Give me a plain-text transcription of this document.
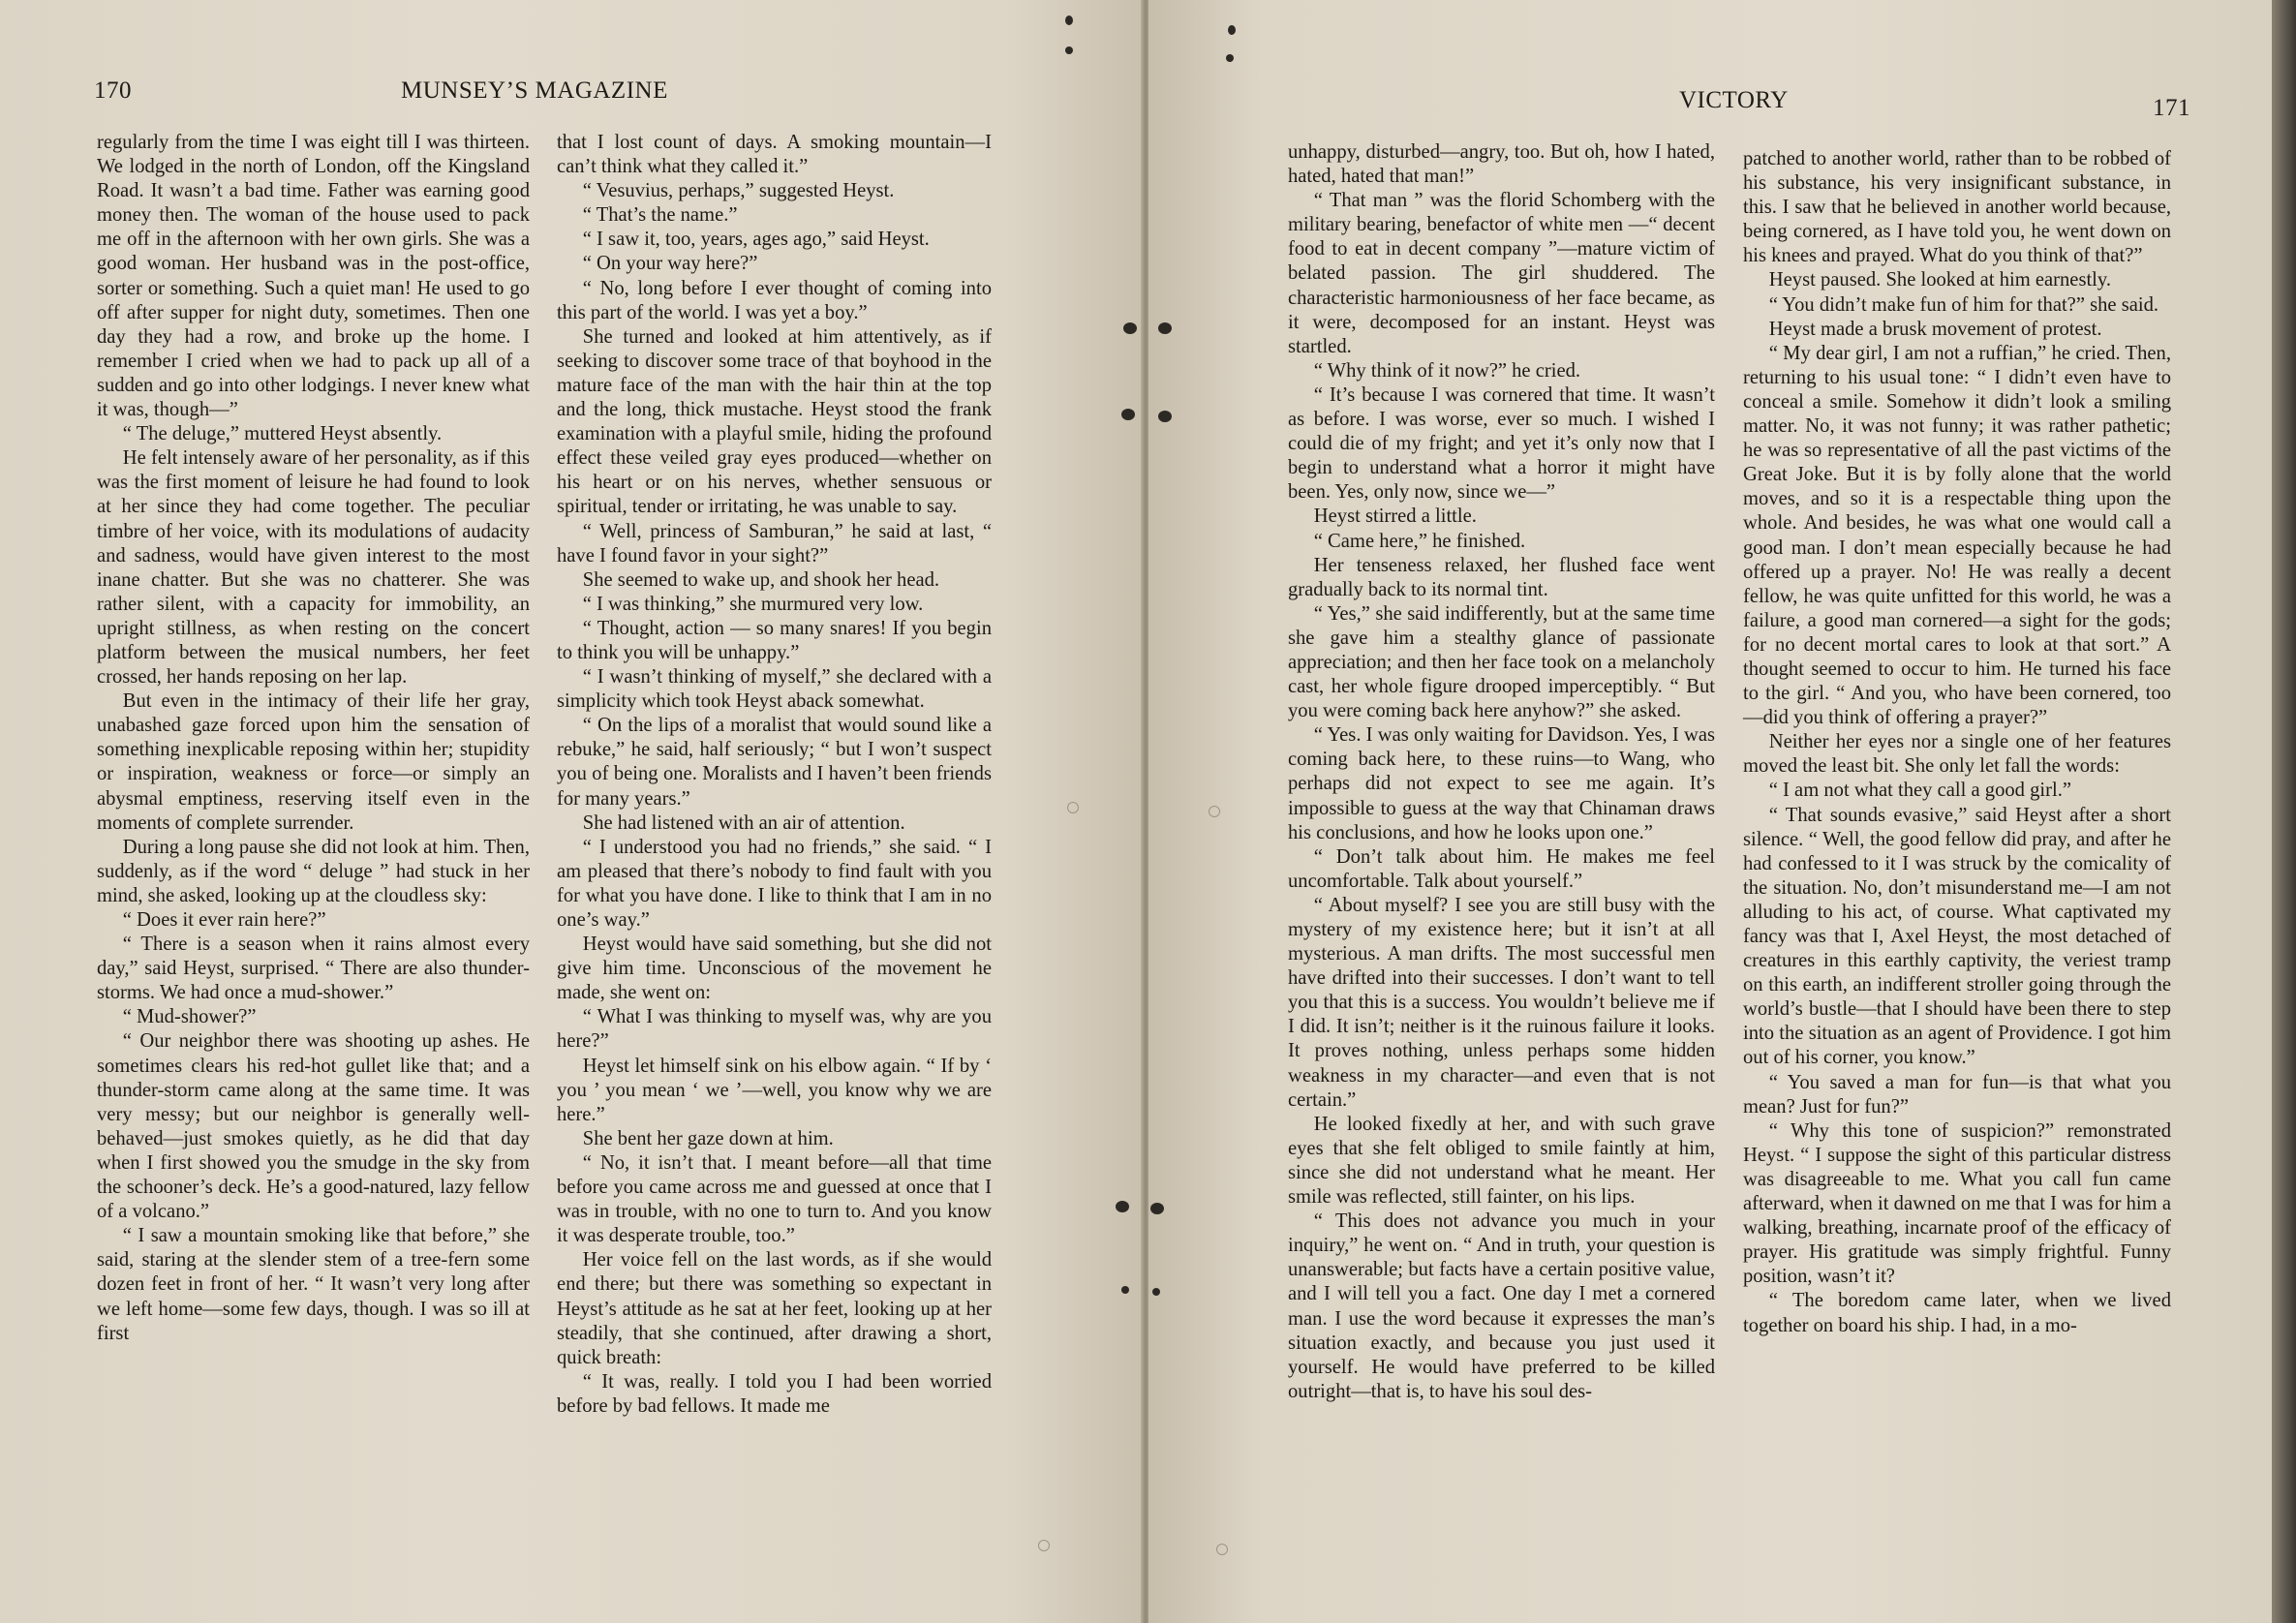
170	MUNSEY’S MAGAZINE

regularly from the time I was eight till I was thirteen. We lodged in the north of London, off the Kingsland Road. It wasn’t a bad time. Father was earning good money then. The woman of the house used to pack me off in the afternoon with her own girls. She was a good woman. Her husband was in the post-office, sorter or something. Such a quiet man! He used to go off after supper for night duty, sometimes. Then one day they had a row, and broke up the home. I remember I cried when we had to pack up all of a sudden and go into other lodgings. I never knew what it was, though—”

“ The deluge,” muttered Heyst absently.

He felt intensely aware of her personality, as if this was the first moment of leisure he had found to look at her since they had come together. The peculiar timbre of her voice, with its modulations of audacity and sadness, would have given interest to the most inane chatter. But she was no chatterer. She was rather silent, with a capacity for immobility, an upright stillness, as when resting on the concert platform between the musical numbers, her feet crossed, her hands reposing on her lap.

But even in the intimacy of their life her gray, unabashed gaze forced upon him the sensation of something inexplicable reposing within her; stupidity or inspiration, weakness or force—or simply an abysmal emptiness, reserving itself even in the moments of complete surrender.

During a long pause she did not look at him. Then, suddenly, as if the word “ deluge ” had stuck in her mind, she asked, looking up at the cloudless sky:

“ Does it ever rain here?”

“ There is a season when it rains almost every day,” said Heyst, surprised. “ There are also thunder-storms. We had once a mud-shower.”

“ Mud-shower?”

“ Our neighbor there was shooting up ashes. He sometimes clears his red-hot gullet like that; and a thunder-storm came along at the same time. It was very messy; but our neighbor is generally well-behaved—just smokes quietly, as he did that day when I first showed you the smudge in the sky from the schooner’s deck. He’s a good-natured, lazy fellow of a volcano.”

“ I saw a mountain smoking like that before,” she said, staring at the slender stem of a tree-fern some dozen feet in front of her. “ It wasn’t very long after we left home—some few days, though. I was so ill at first

that I lost count of days. A smoking mountain—I can’t think what they called it.”

“ Vesuvius, perhaps,” suggested Heyst.

“ That’s the name.”

“ I saw it, too, years, ages ago,” said Heyst.

“ On your way here?”

“ No, long before I ever thought of coming into this part of the world. I was yet a boy.”

She turned and looked at him attentively, as if seeking to discover some trace of that boyhood in the mature face of the man with the hair thin at the top and the long, thick mustache. Heyst stood the frank examination with a playful smile, hiding the profound effect these veiled gray eyes produced—whether on his heart or on his nerves, whether sensuous or spiritual, tender or irritating, he was unable to say.

“ Well, princess of Samburan,” he said at last, “ have I found favor in your sight?”

She seemed to wake up, and shook her head.

“ I was thinking,” she murmured very low.

“ Thought, action — so many snares! If you begin to think you will be unhappy.”

“ I wasn’t thinking of myself,” she declared with a simplicity which took Heyst aback somewhat.

“ On the lips of a moralist that would sound like a rebuke,” he said, half seriously; “ but I won’t suspect you of being one. Moralists and I haven’t been friends for many years.”

She had listened with an air of attention.

“ I understood you had no friends,” she said. “ I am pleased that there’s nobody to find fault with you for what you have done. I like to think that I am in no one’s way.”

Heyst would have said something, but she did not give him time. Unconscious of the movement he made, she went on:

“ What I was thinking to myself was, why are you here?”

Heyst let himself sink on his elbow again. “ If by ‘ you ’ you mean ‘ we ’—well, you know why we are here.”

She bent her gaze down at him.

“ No, it isn’t that. I meant before—all that time before you came across me and guessed at once that I was in trouble, with no one to turn to. And you know it was desperate trouble, too.”

Her voice fell on the last words, as if she would end there; but there was something so expectant in Heyst’s attitude as he sat at her feet, looking up at her steadily, that she continued, after drawing a short, quick breath:

“ It was, really. I told you I had been worried before by bad fellows. It made me

VICTORY	171

unhappy, disturbed—angry, too. But oh, how I hated, hated, hated that man!”

“ That man ” was the florid Schomberg with the military bearing, benefactor of white men —“ decent food to eat in decent company ”—mature victim of belated passion. The girl shuddered. The characteristic harmoniousness of her face became, as it were, decomposed for an instant. Heyst was startled.

“ Why think of it now?” he cried.

“ It’s because I was cornered that time. It wasn’t as before. I was worse, ever so much. I wished I could die of my fright; and yet it’s only now that I begin to understand what a horror it might have been. Yes, only now, since we—”

Heyst stirred a little.

“ Came here,” he finished.

Her tenseness relaxed, her flushed face went gradually back to its normal tint.

“ Yes,” she said indifferently, but at the same time she gave him a stealthy glance of passionate appreciation; and then her face took on a melancholy cast, her whole figure drooped imperceptibly. “ But you were coming back here anyhow?” she asked.

“ Yes. I was only waiting for Davidson. Yes, I was coming back here, to these ruins—to Wang, who perhaps did not expect to see me again. It’s impossible to guess at the way that Chinaman draws his conclusions, and how he looks upon one.”

“ Don’t talk about him. He makes me feel uncomfortable. Talk about yourself.”

“ About myself? I see you are still busy with the mystery of my existence here; but it isn’t at all mysterious. A man drifts. The most successful men have drifted into their successes. I don’t want to tell you that this is a success. You wouldn’t believe me if I did. It isn’t; neither is it the ruinous failure it looks. It proves nothing, unless perhaps some hidden weakness in my character—and even that is not certain.”

He looked fixedly at her, and with such grave eyes that she felt obliged to smile faintly at him, since she did not understand what he meant. Her smile was reflected, still fainter, on his lips.

“ This does not advance you much in your inquiry,” he went on. “ And in truth, your question is unanswerable; but facts have a certain positive value, and I will tell you a fact. One day I met a cornered man. I use the word because it expresses the man’s situation exactly, and because you just used it yourself. He would have preferred to be killed outright—that is, to have his soul des-

patched to another world, rather than to be robbed of his substance, his very insignificant substance, in this. I saw that he believed in another world because, being cornered, as I have told you, he went down on his knees and prayed. What do you think of that?”

Heyst paused. She looked at him earnestly.

“ You didn’t make fun of him for that?” she said.

Heyst made a brusk movement of protest.

“ My dear girl, I am not a ruffian,” he cried. Then, returning to his usual tone: “ I didn’t even have to conceal a smile. Somehow it didn’t look a smiling matter. No, it was not funny; it was rather pathetic; he was so representative of all the past victims of the Great Joke. But it is by folly alone that the world moves, and so it is a respectable thing upon the whole. And besides, he was what one would call a good man. I don’t mean especially because he had offered up a prayer. No! He was really a decent fellow, he was quite unfitted for this world, he was a failure, a good man cornered—a sight for the gods; for no decent mortal cares to look at that sort.” A thought seemed to occur to him. He turned his face to the girl. “ And you, who have been cornered, too—did you think of offering a prayer?”

Neither her eyes nor a single one of her features moved the least bit. She only let fall the words:

“ I am not what they call a good girl.”

“ That sounds evasive,” said Heyst after a short silence. “ Well, the good fellow did pray, and after he had confessed to it I was struck by the comicality of the situation. No, don’t misunderstand me—I am not alluding to his act, of course. What captivated my fancy was that I, Axel Heyst, the most detached of creatures in this earthly captivity, the veriest tramp on this earth, an indifferent stroller going through the world’s bustle—that I should have been there to step into the situation as an agent of Providence. I got him out of his corner, you know.”

“ You saved a man for fun—is that what you mean? Just for fun?”

“ Why this tone of suspicion?” remonstrated Heyst. “ I suppose the sight of this particular distress was disagreeable to me. What you call fun came afterward, when it dawned on me that I was for him a walking, breathing, incarnate proof of the efficacy of prayer. His gratitude was simply frightful. Funny position, wasn’t it?

“ The boredom came later, when we lived together on board his ship. I had, in a mo-
